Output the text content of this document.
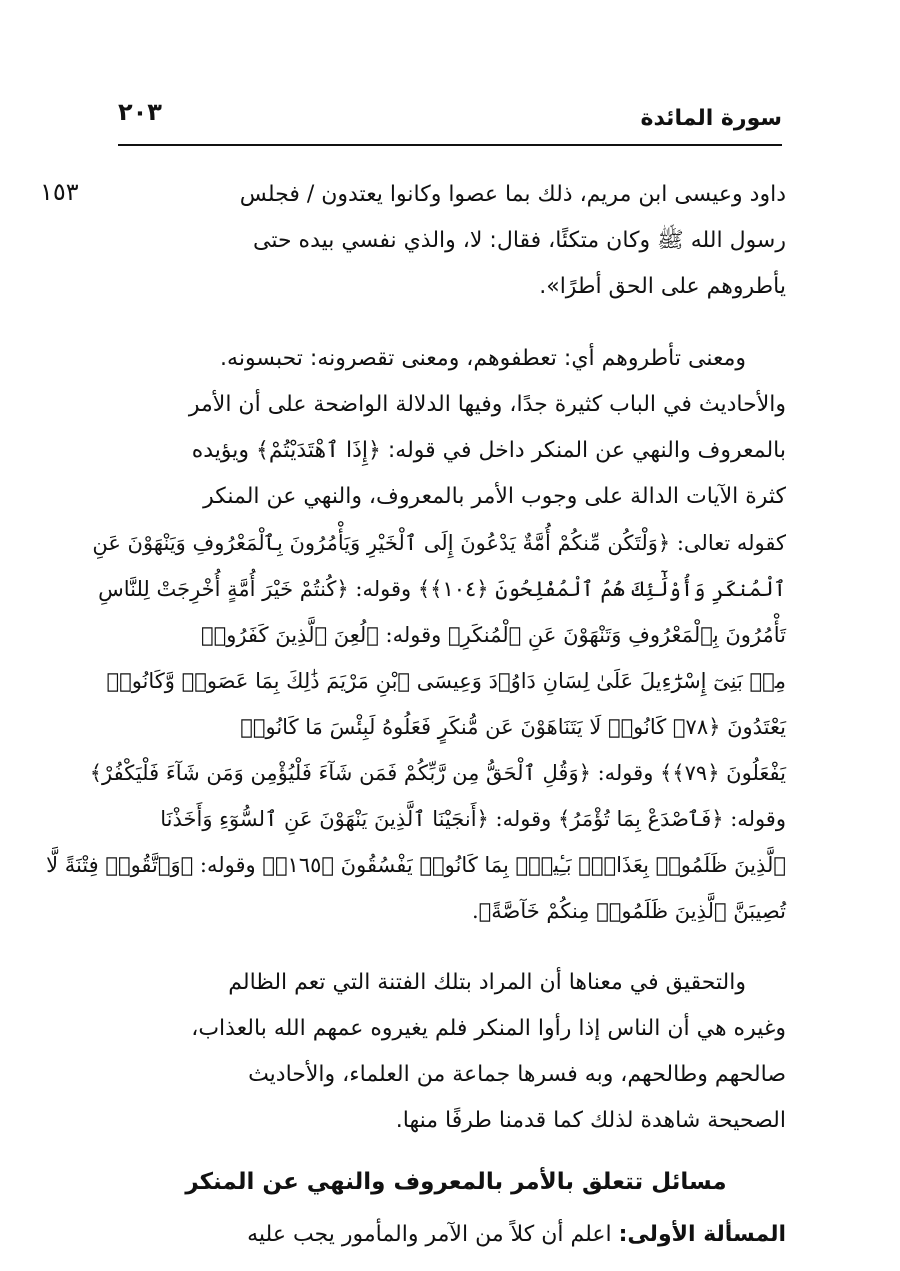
سورة المائدة
٢٠٣
١٥٣	داود وعيسى ابن مريم، ذلك بما عصوا وكانوا يعتدون / فجلس
رسول الله ﷺ وكان متكئًا، فقال: لا، والذي نفسي بيده حتى
يأطروهم على الحق أطرًا».
ومعنى تأطروهم أي: تعطفوهم، ومعنى تقصرونه: تحبسونه.
والأحاديث في الباب كثيرة جدًا، وفيها الدلالة الواضحة على أن الأمر
بالمعروف والنهي عن المنكر داخل في قوله: ﴿إِذَا ٱهْتَدَيْتُمْ﴾ ويؤيده
كثرة الآيات الدالة على وجوب الأمر بالمعروف، والنهي عن المنكر
كقوله تعالى: ﴿وَلْتَكُن مِّنكُمْ أُمَّةٌ يَدْعُونَ إِلَى ٱلْخَيْرِ وَيَأْمُرُونَ بِٱلْمَعْرُوفِ وَيَنْهَوْنَ عَنِ
ٱلْمُنكَرِ وَأُوْلَٰٓئِكَ هُمُ ٱلْمُفْلِحُونَ ﴿١٠٤﴾﴾ وقوله: ﴿كُنتُمْ خَيْرَ أُمَّةٍ أُخْرِجَتْ لِلنَّاسِ
تَأْمُرُونَ بِٱلْمَعْرُوفِ وَتَنْهَوْنَ عَنِ ٱلْمُنكَرِ﴾ وقوله: ﴿لُعِنَ ٱلَّذِينَ كَفَرُوا۟
مِنۢ بَنِىٓ إِسْرَٰٓءِيلَ عَلَىٰ لِسَانِ دَاوُۥدَ وَعِيسَى ٱبْنِ مَرْيَمَ ذَٰلِكَ بِمَا عَصَوا۟ وَّكَانُوا۟
يَعْتَدُونَ ﴿٧٨﴾ كَانُوا۟ لَا يَتَنَاهَوْنَ عَن مُّنكَرٍ فَعَلُوهُ لَبِئْسَ مَا كَانُوا۟
يَفْعَلُونَ ﴿٧٩﴾﴾ وقوله: ﴿وَقُلِ ٱلْحَقُّ مِن رَّبِّكُمْ فَمَن شَآءَ فَلْيُؤْمِن وَمَن شَآءَ فَلْيَكْفُرْ﴾
وقوله: ﴿فَٱصْدَعْ بِمَا تُؤْمَرُ﴾ وقوله: ﴿أَنجَيْنَا ٱلَّذِينَ يَنْهَوْنَ عَنِ ٱلسُّوٓءِ وَأَخَذْنَا
ٱلَّذِينَ ظَلَمُوا۟ بِعَذَابٍۭ بَـِٔيسٍۭ بِمَا كَانُوا۟ يَفْسُقُونَ ﴿١٦٥﴾﴾ وقوله: ﴿وَٱتَّقُوا۟ فِتْنَةً لَّا
تُصِيبَنَّ ٱلَّذِينَ ظَلَمُوا۟ مِنكُمْ خَآصَّةً﴾.
والتحقيق في معناها أن المراد بتلك الفتنة التي تعم الظالم
وغيره هي أن الناس إذا رأوا المنكر فلم يغيروه عمهم الله بالعذاب،
صالحهم وطالحهم، وبه فسرها جماعة من العلماء، والأحاديث
الصحيحة شاهدة لذلك كما قدمنا طرفًا منها.
مسائل تتعلق بالأمر بالمعروف والنهي عن المنكر
المسألة الأولى: اعلم أن كلاً من الآمر والمأمور يجب عليه
